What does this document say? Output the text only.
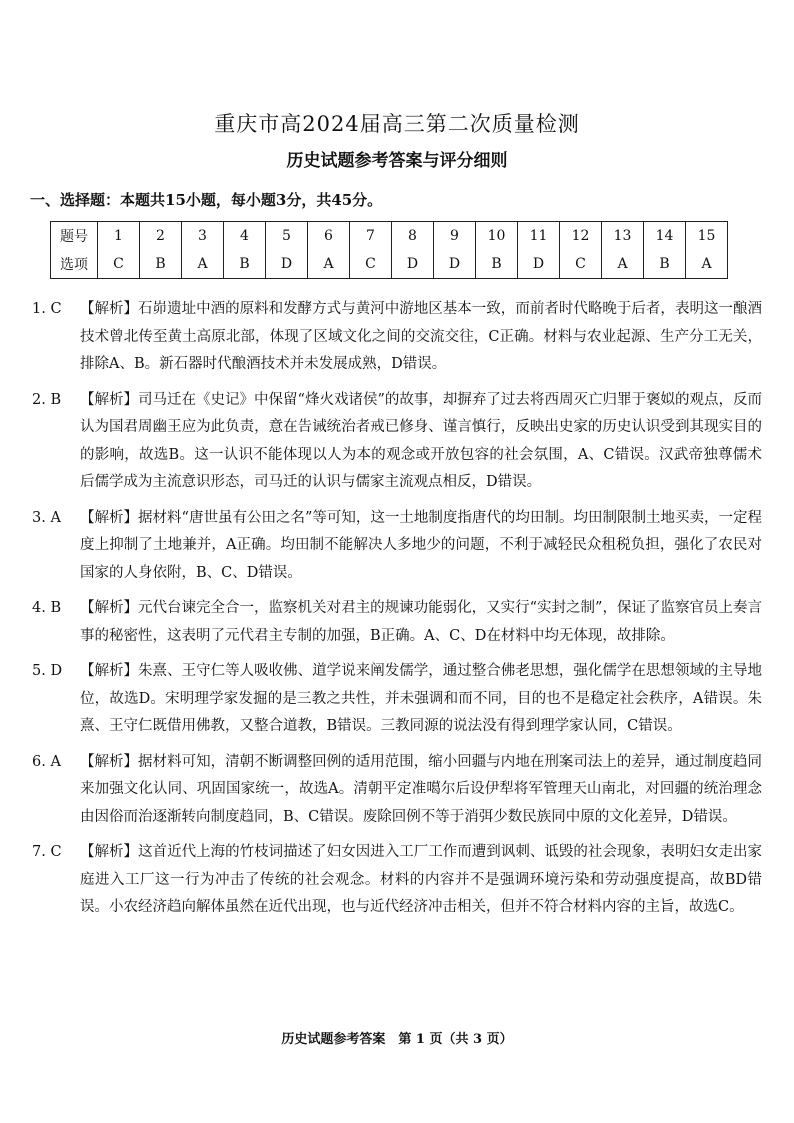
重庆市高2024届高三第二次质量检测
历史试题参考答案与评分细则
一、选择题：本题共15小题，每小题3分，共45分。
题号	1	2	3	4	5	6	7	8	9	10	11	12	13	14	15
选项	C	B	A	B	D	A	C	D	D	B	D	C	A	B	A
1. C	【解析】石峁遗址中酒的原料和发酵方式与黄河中游地区基本一致，而前者时代略晚于后者，表明这一酿酒技术曾北传至黄土高原北部，体现了区域文化之间的交流交往，C正确。材料与农业起源、生产分工无关，排除A、B。新石器时代酿酒技术并未发展成熟，D错误。
2. B	【解析】司马迁在《史记》中保留“烽火戏诸侯”的故事，却摒弃了过去将西周灭亡归罪于褒姒的观点，反而认为国君周幽王应为此负责，意在告诫统治者戒已修身、谨言慎行，反映出史家的历史认识受到其现实目的的影响，故选B。这一认识不能体现以人为本的观念或开放包容的社会氛围，A、C错误。汉武帝独尊儒术后儒学成为主流意识形态，司马迁的认识与儒家主流观点相反，D错误。
3. A	【解析】据材料“唐世虽有公田之名”等可知，这一土地制度指唐代的均田制。均田制限制土地买卖，一定程度上抑制了土地兼并，A正确。均田制不能解决人多地少的问题，不利于减轻民众租税负担，强化了农民对国家的人身依附，B、C、D错误。
4. B	【解析】元代台谏完全合一，监察机关对君主的规谏功能弱化，又实行“实封之制”，保证了监察官员上奏言事的秘密性，这表明了元代君主专制的加强，B正确。A、C、D在材料中均无体现，故排除。
5. D	【解析】朱熹、王守仁等人吸收佛、道学说来阐发儒学，通过整合佛老思想，强化儒学在思想领域的主导地位，故选D。宋明理学家发掘的是三教之共性，并未强调和而不同，目的也不是稳定社会秩序，A错误。朱熹、王守仁既借用佛教，又整合道教，B错误。三教同源的说法没有得到理学家认同，C错误。
6. A	【解析】据材料可知，清朝不断调整回例的适用范围，缩小回疆与内地在刑案司法上的差异，通过制度趋同来加强文化认同、巩固国家统一，故选A。清朝平定准噶尔后设伊犁将军管理天山南北，对回疆的统治理念由因俗而治逐渐转向制度趋同，B、C错误。废除回例不等于消弭少数民族同中原的文化差异，D错误。
7. C	【解析】这首近代上海的竹枝词描述了妇女因进入工厂工作而遭到讽刺、诋毁的社会现象，表明妇女走出家庭进入工厂这一行为冲击了传统的社会观念。材料的内容并不是强调环境污染和劳动强度提高，故BD错误。小农经济趋向解体虽然在近代出现，也与近代经济冲击相关，但并不符合材料内容的主旨，故选C。
历史试题参考答案　第 1 页（共 3 页）
